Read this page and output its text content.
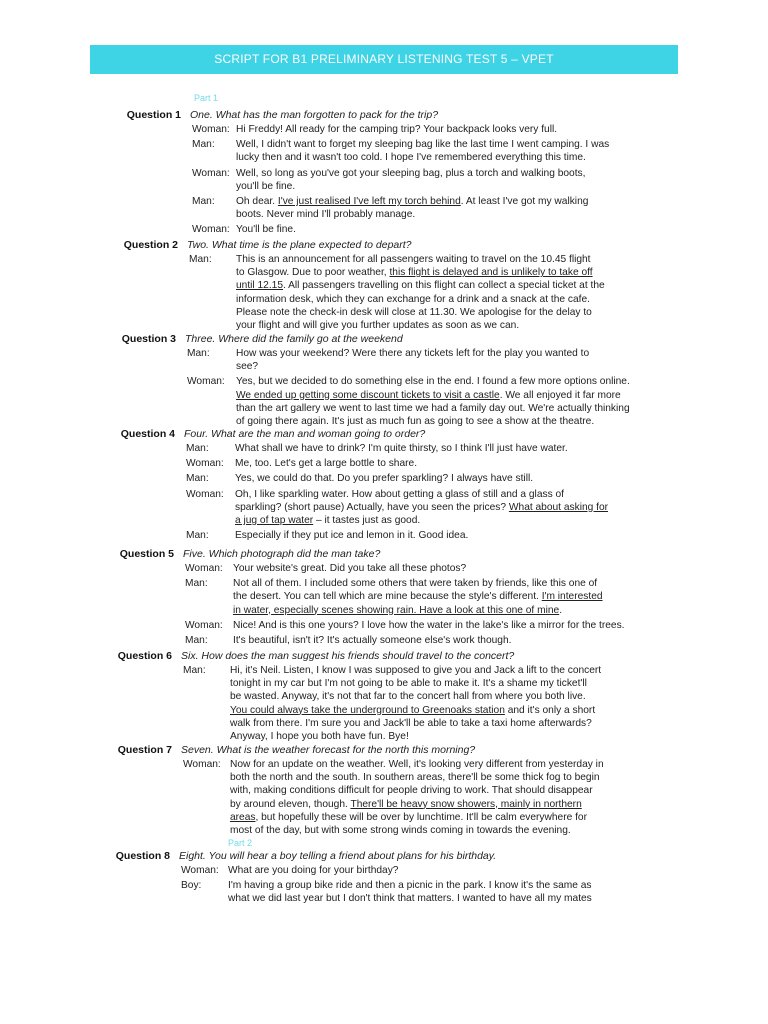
SCRIPT FOR B1 PRELIMINARY LISTENING TEST 5 – VPET
Part 1
Part 2
Question 1 One. What has the man forgotten to pack for the trip?
Woman: Hi Freddy! All ready for the camping trip? Your backpack looks very full.
Man: Well, I didn't want to forget my sleeping bag like the last time I went camping. I was
lucky then and it wasn't too cold. I hope I've remembered everything this time.
Woman: Well, so long as you've got your sleeping bag, plus a torch and walking boots,
you'll be fine.
Man: Oh dear. I've just realised I've left my torch behind. At least I've got my walking
boots. Never mind I'll probably manage.
Woman: You'll be fine.
Question 2 Two. What time is the plane expected to depart?
Man: This is an announcement for all passengers waiting to travel on the 10.45 flight
to Glasgow. Due to poor weather, this flight is delayed and is unlikely to take off
until 12.15. All passengers travelling on this flight can collect a special ticket at the
information desk, which they can exchange for a drink and a snack at the cafe.
Please note the check-in desk will close at 11.30. We apologise for the delay to
your flight and will give you further updates as soon as we can.
Question 3 Three. Where did the family go at the weekend
Man:	How was your weekend? Were there any tickets left for the play you wanted to
see?
Woman: Yes, but we decided to do something else in the end. I found a few more options online.
We ended up getting some discount tickets to visit a castle. We all enjoyed it far more
than the art gallery we went to last time we had a family day out. We're actually thinking
of going there again. It's just as much fun as going to see a show at the theatre.
Question 4 Four. What are the man and woman going to order?
Man:	What shall we have to drink? I'm quite thirsty, so I think I'll just have water.
Woman: Me, too. Let's get a large bottle to share.
Man:	Yes, we could do that. Do you prefer sparkling? I always have still.
Woman: Oh, I like sparkling water. How about getting a glass of still and a glass of
sparkling? (short pause) Actually, have you seen the prices? What about asking for
a jug of tap water – it tastes just as good.
Man:	Especially if they put ice and lemon in it. Good idea.
Question 5 Five. Which photograph did the man take?
Woman: Your website's great. Did you take all these photos?
Man: Not all of them. I included some others that were taken by friends, like this one of
the desert. You can tell which are mine because the style's different. I'm interested
in water, especially scenes showing rain. Have a look at this one of mine.
Woman: Nice! And is this one yours? I love how the water in the lake's like a mirror for the trees.
Man: It's beautiful, isn't it? It's actually someone else's work though.
Question 6 Six. How does the man suggest his friends should travel to the concert?
Man: Hi, it's Neil. Listen, I know I was supposed to give you and Jack a lift to the concert
tonight in my car but I'm not going to be able to make it. It's a shame my ticket'll
be wasted. Anyway, it's not that far to the concert hall from where you both live.
You could always take the underground to Greenoaks station and it's only a short
walk from there. I'm sure you and Jack'll be able to take a taxi home afterwards?
Anyway, I hope you both have fun. Bye!
Question 7 Seven. What is the weather forecast for the north this morning?
Woman: Now for an update on the weather. Well, it's looking very different from yesterday in
both the north and the south. In southern areas, there'll be some thick fog to begin
with, making conditions difficult for people driving to work. That should disappear
by around eleven, though. There'll be heavy snow showers, mainly in northern
areas, but hopefully these will be over by lunchtime. It'll be calm everywhere for
most of the day, but with some strong winds coming in towards the evening.
Question 8 Eight. You will hear a boy telling a friend about plans for his birthday.
Woman: What are you doing for your birthday?
Boy:	I'm having a group bike ride and then a picnic in the park. I know it's the same as
what we did last year but I don't think that matters. I wanted to have all my mates
